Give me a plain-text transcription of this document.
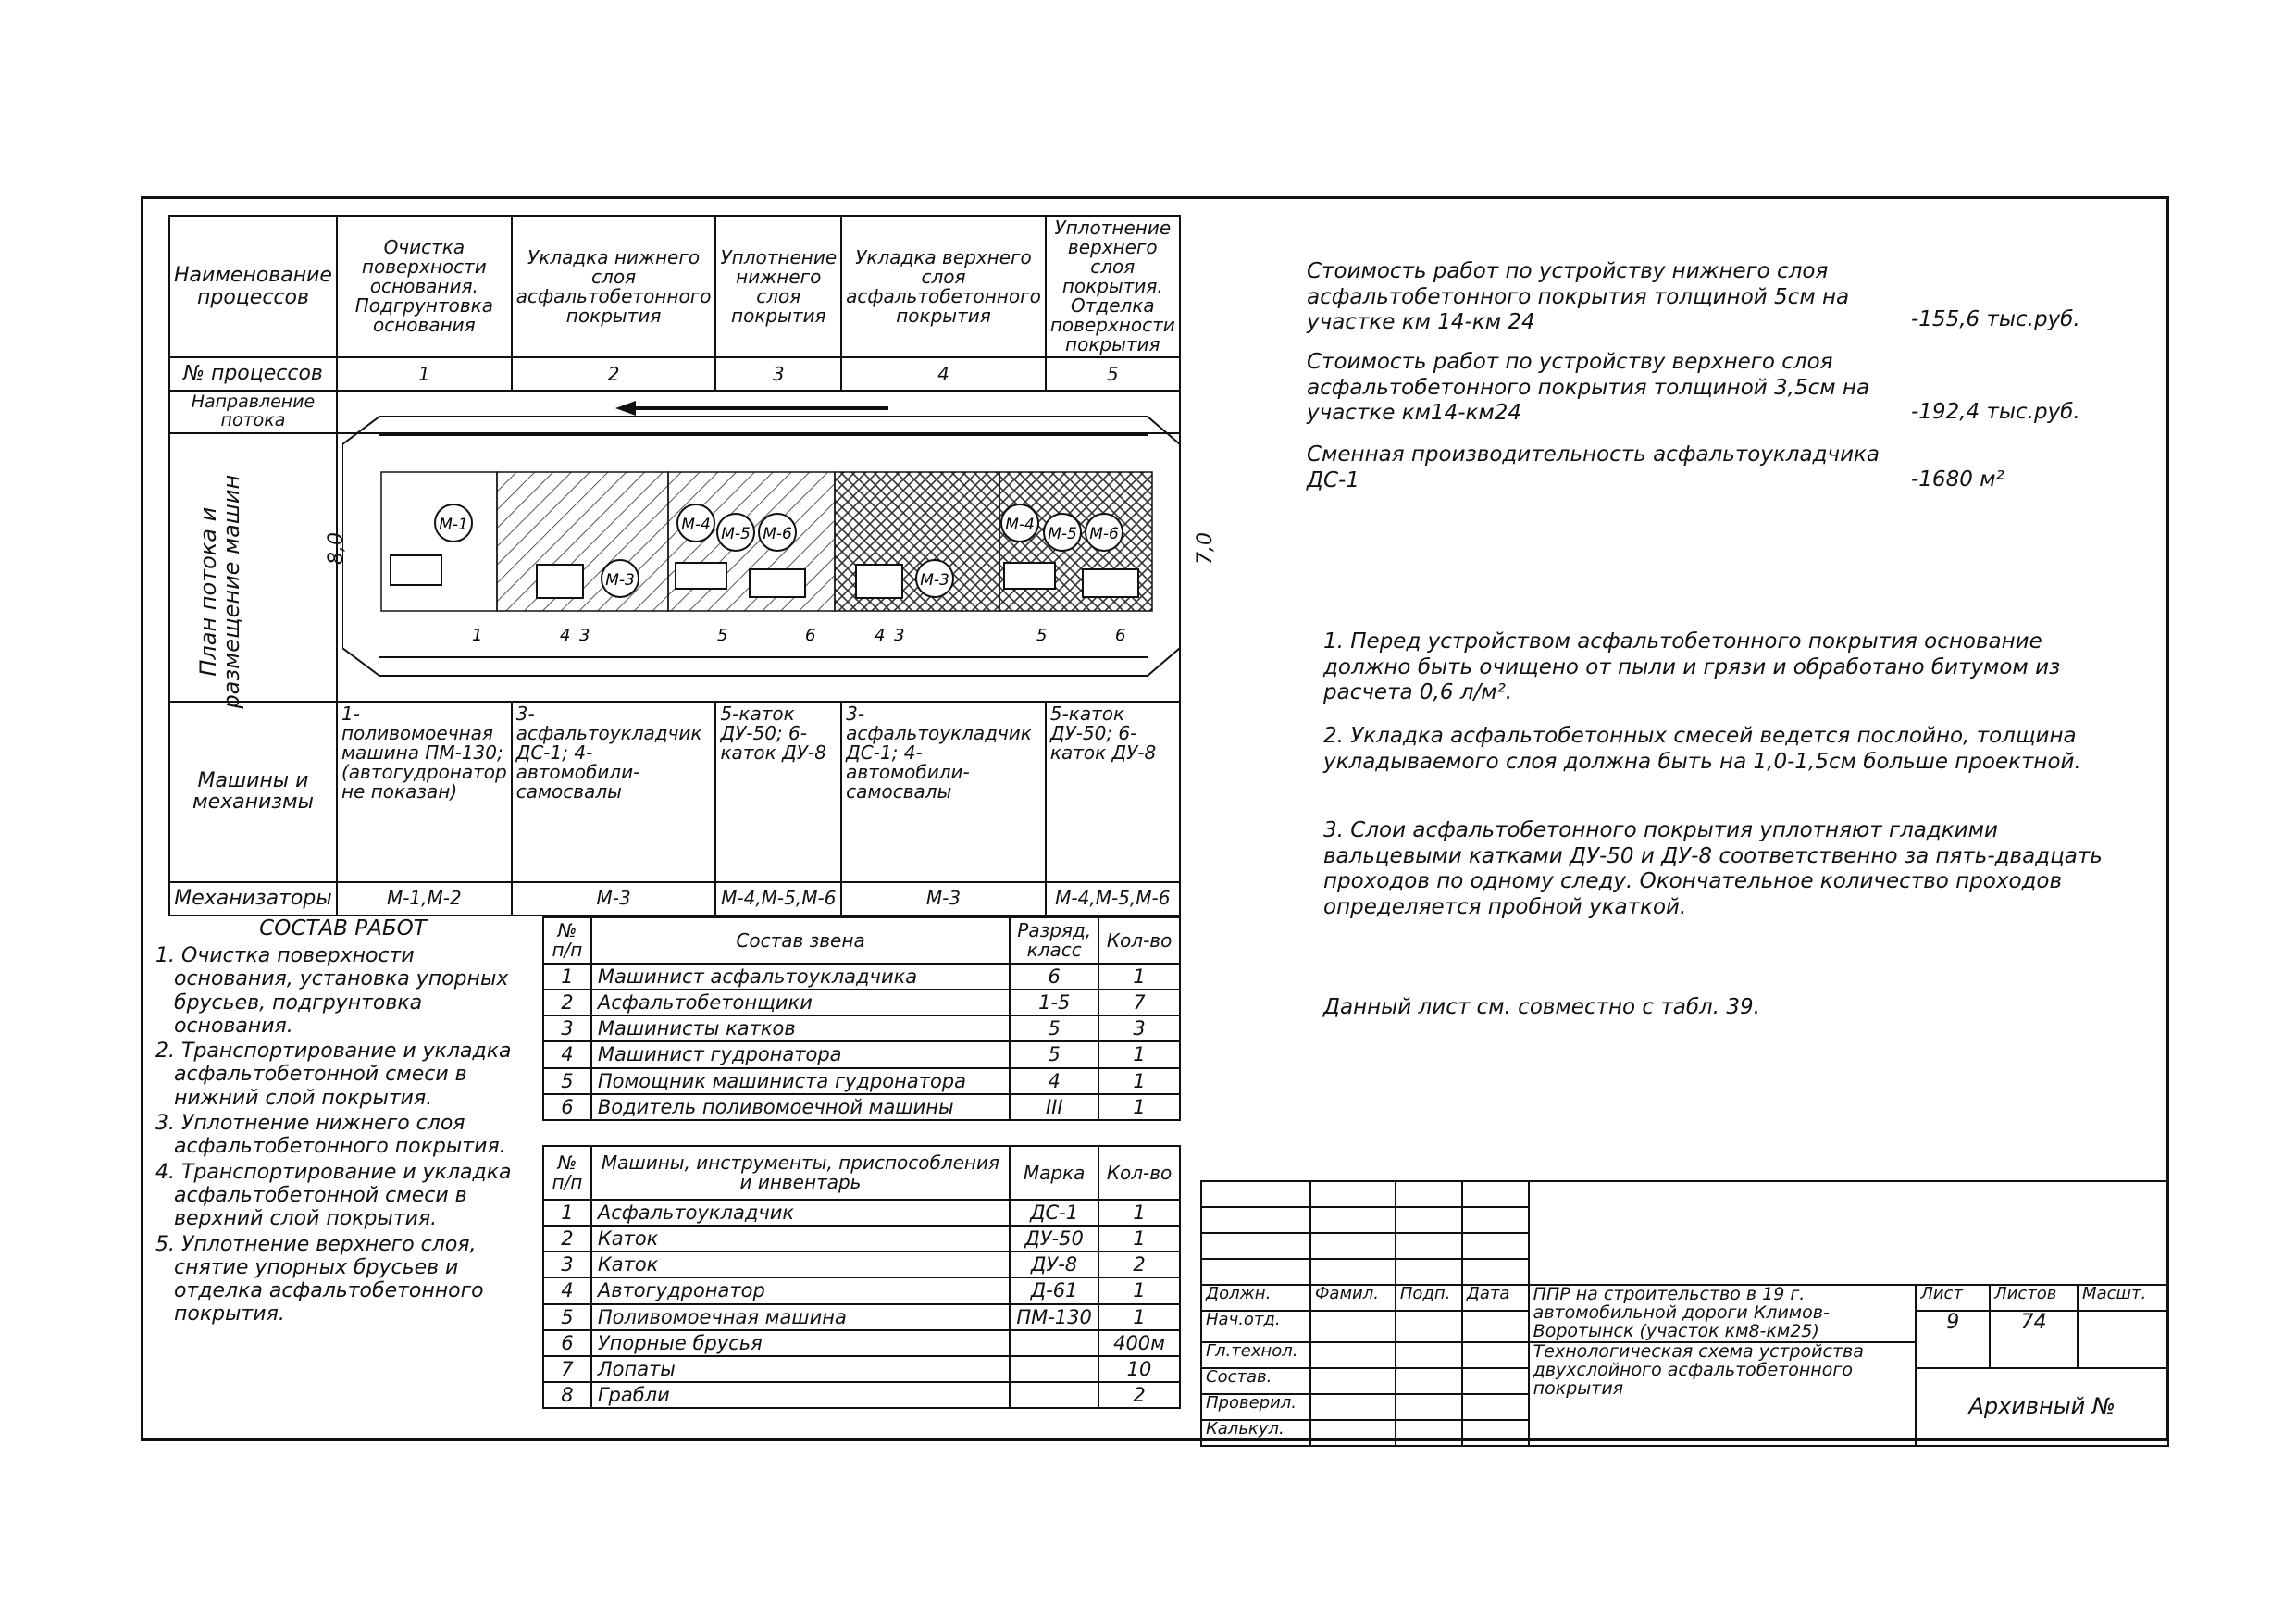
Наименование процессов	Очистка поверхности основания. Подгрунтовка основания	Укладка нижнего слоя асфальтобетонного покрытия	Уплотнение нижнего слоя покрытия	Укладка верхнего слоя асфальтобетонного покрытия	Уплотнение верхнего слоя покрытия. Отделка поверхности покрытия
№ процессов	1	2	3	4	5
Направление потока	

План потока и размещение машин					

Машины и механизмы	1-поливомоечная машина ПМ-130; (автогудронатор не показан)	3-асфальтоукладчик ДС-1; 4-автомобили-самосвалы	5-каток ДУ-50; 6-каток ДУ-8	3-асфальтоукладчик ДС-1; 4-автомобили-самосвалы	5-каток ДУ-50; 6-каток ДУ-8
Механизаторы	М-1,М-2	М-3	М-4,М-5,М-6	М-3	М-4,М-5,М-6
М-1
М-3
М-4 М-5 М-6
М-3
М-4 М-5 М-6
1	4 3	5	6	4 3	5	6
8,0	7,0
Стоимость работ по устройству нижнего слоя асфальтобетонного покрытия толщиной 5см на участке км 14-км 24	-155,6 тыс.руб.
Стоимость работ по устройству верхнего слоя асфальтобетонного покрытия толщиной 3,5см на участке км14-км24	-192,4 тыс.руб.
Сменная производительность асфальтоукладчика ДС-1	-1680 м²
1. Перед устройством асфальтобетонного покрытия основание должно быть очищено от пыли и грязи и обработано битумом из расчета 0,6 л/м².
2. Укладка асфальтобетонных смесей ведется послойно, толщина укладываемого слоя должна быть на 1,0-1,5см больше проектной.
3. Слои асфальтобетонного покрытия уплотняют гладкими вальцевыми катками ДУ-50 и ДУ-8 соответственно за пять-двадцать проходов по одному следу. Окончательное количество проходов определяется пробной укаткой.
Данный лист см. совместно с табл. 39.
СОСТАВ РАБОТ
1. Очистка поверхности основания, установка упорных брусьев, подгрунтовка основания.
2. Транспортирование и укладка асфальтобетонной смеси в нижний слой покрытия.
3. Уплотнение нижнего слоя асфальтобетонного покрытия.
4. Транспортирование и укладка асфальтобетонной смеси в верхний слой покрытия.
5. Уплотнение верхнего слоя, снятие упорных брусьев и отделка асфальтобетонного покрытия.
№ п/п	Состав звена	Разряд, класс	Кол-во
1	Машинист асфальтоукладчика	6	1
2	Асфальтобетонщики	1-5	7
3	Машинисты катков	5	3
4	Машинист гудронатора	5	1
5	Помощник машиниста гудронатора	4	1
6	Водитель поливомоечной машины	III	1
№ п/п	Машины, инструменты, приспособления и инвентарь	Марка	Кол-во
1	Асфальтоукладчик	ДС-1	1
2	Каток	ДУ-50	1
3	Каток	ДУ-8	2
4	Автогудронатор	Д-61	1
5	Поливомоечная машина	ПМ-130	1
6	Упорные брусья		400м
7	Лопаты		10
8	Грабли		2

Должн.	Фамил.	Подп.	Дата	ППР на строительство в 19 г. автомобильной дороги Климов-Воротынск (участок км8-км25)	Лист	Листов	Масшт.
Нач.отд.					9	74	
Гл.технол.				Технологическая схема устройства двухслойного асфальтобетонного покрытия			
Состав.					Архивный №		
Проверил.							
Калькул.							
